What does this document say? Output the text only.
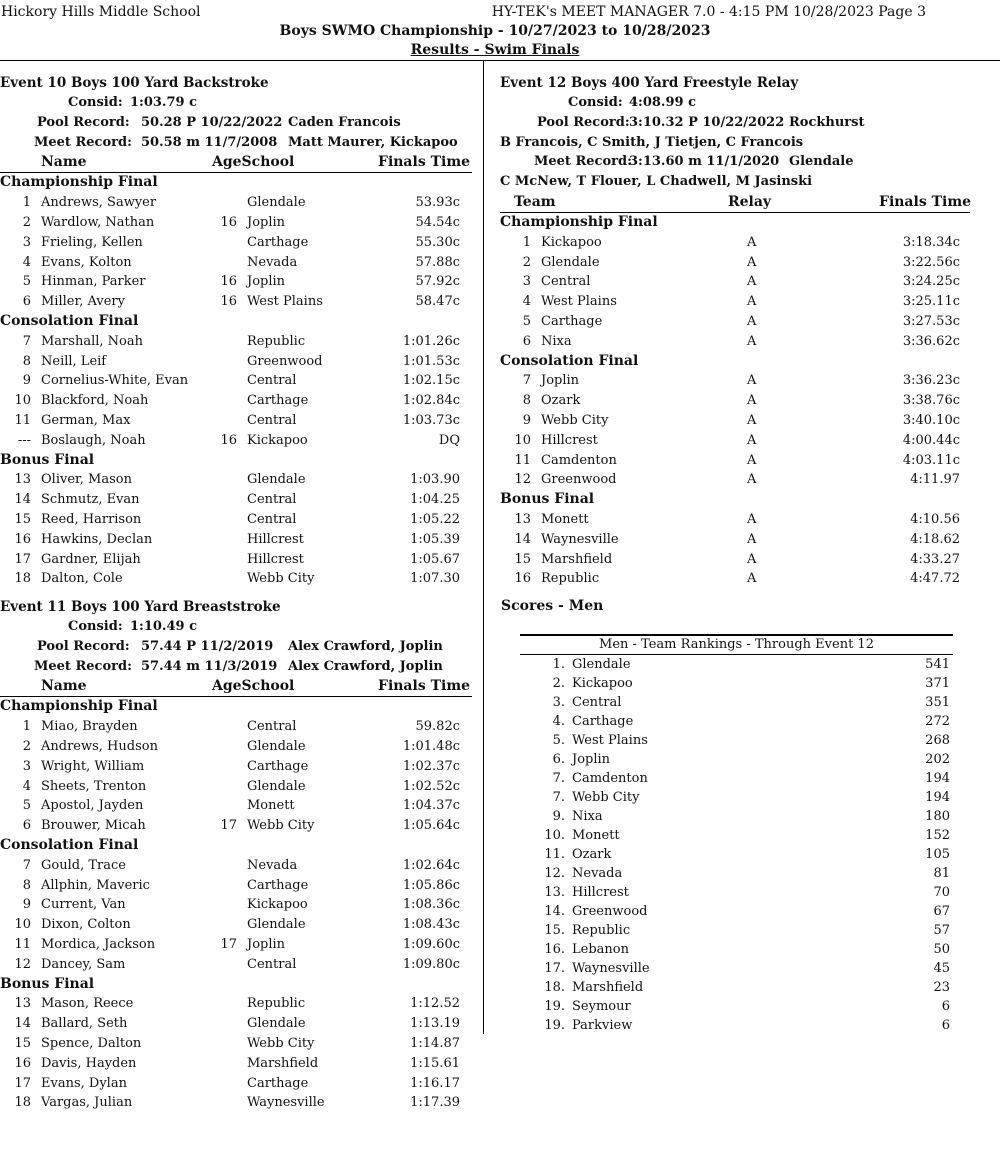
Hickory Hills Middle School	HY-TEK's MEET MANAGER 7.0 - 4:15 PM 10/28/2023 Page 3
Boys SWMO Championship - 10/27/2023 to 10/28/2023
Results - Swim Finals
Event 10 Boys 100 Yard Backstroke
Consid: 1:03.79 c
Pool Record: 50.28 P 10/22/2022 Caden Francois
Meet Record: 50.58 m 11/7/2008 Matt Maurer, Kickapoo
Name	AgeSchool	Finals Time
Championship Final
1 Andrews, Sawyer	Glendale	53.93c
2 Wardlow, Nathan	16 Joplin	54.54c
3 Frieling, Kellen	Carthage	55.30c
4 Evans, Kolton	Nevada	57.88c
5 Hinman, Parker	16 Joplin	57.92c
6 Miller, Avery	16 West Plains	58.47c
Consolation Final
7 Marshall, Noah	Republic	1:01.26c
8 Neill, Leif	Greenwood	1:01.53c
9 Cornelius-White, Evan	Central	1:02.15c
10 Blackford, Noah	Carthage	1:02.84c
11 German, Max	Central	1:03.73c
--- Boslaugh, Noah	16 Kickapoo	DQ
Bonus Final
13 Oliver, Mason	Glendale	1:03.90
14 Schmutz, Evan	Central	1:04.25
15 Reed, Harrison	Central	1:05.22
16 Hawkins, Declan	Hillcrest	1:05.39
17 Gardner, Elijah	Hillcrest	1:05.67
18 Dalton, Cole	Webb City	1:07.30
Event 11 Boys 100 Yard Breaststroke
Consid: 1:10.49 c
Pool Record: 57.44 P 11/2/2019 Alex Crawford, Joplin
Meet Record: 57.44 m 11/3/2019 Alex Crawford, Joplin
Name	AgeSchool	Finals Time
Championship Final
1 Miao, Brayden	Central	59.82c
2 Andrews, Hudson	Glendale	1:01.48c
3 Wright, William	Carthage	1:02.37c
4 Sheets, Trenton	Glendale	1:02.52c
5 Apostol, Jayden	Monett	1:04.37c
6 Brouwer, Micah	17 Webb City	1:05.64c
Consolation Final
7 Gould, Trace	Nevada	1:02.64c
8 Allphin, Maveric	Carthage	1:05.86c
9 Current, Van	Kickapoo	1:08.36c
10 Dixon, Colton	Glendale	1:08.43c
11 Mordica, Jackson	17 Joplin	1:09.60c
12 Dancey, Sam	Central	1:09.80c
Bonus Final
13 Mason, Reece	Republic	1:12.52
14 Ballard, Seth	Glendale	1:13.19
15 Spence, Dalton	Webb City	1:14.87
16 Davis, Hayden	Marshfield	1:15.61
17 Evans, Dylan	Carthage	1:16.17
18 Vargas, Julian	Waynesville	1:17.39
Event 12 Boys 400 Yard Freestyle Relay
Consid: 4:08.99 c
Pool Record: 3:10.32 P 10/22/2022 Rockhurst
B Francois, C Smith, J Tietjen, C Francois
Meet Record:
3:13.60 m 11/1/2020 Glendale
C McNew, T Flouer, L Chadwell, M Jasinski
Team	Relay	Finals Time
Championship Final
1 Kickapoo	A	3:18.34c
2 Glendale	A	3:22.56c
3 Central	A	3:24.25c
4 West Plains	A	3:25.11c
5 Carthage	A	3:27.53c
6 Nixa	A	3:36.62c
Consolation Final
7 Joplin	A	3:36.23c
8 Ozark	A	3:38.76c
9 Webb City	A	3:40.10c
10 Hillcrest	A	4:00.44c
11 Camdenton	A	4:03.11c
12 Greenwood	A	4:11.97
Bonus Final
13 Monett	A	4:10.56
14 Waynesville	A	4:18.62
15 Marshfield	A	4:33.27
16 Republic	A	4:47.72
Scores - Men
Men - Team Rankings - Through Event 12
1. Glendale	541
2. Kickapoo	371
3. Central	351
4. Carthage	272
5. West Plains	268
6. Joplin	202
7. Camdenton	194
7. Webb City	194
9. Nixa	180
10. Monett	152
11. Ozark	105
12. Nevada	81
13. Hillcrest	70
14. Greenwood	67
15. Republic	57
16. Lebanon	50
17. Waynesville	45
18. Marshfield	23
19. Seymour	6
19. Parkview	6
